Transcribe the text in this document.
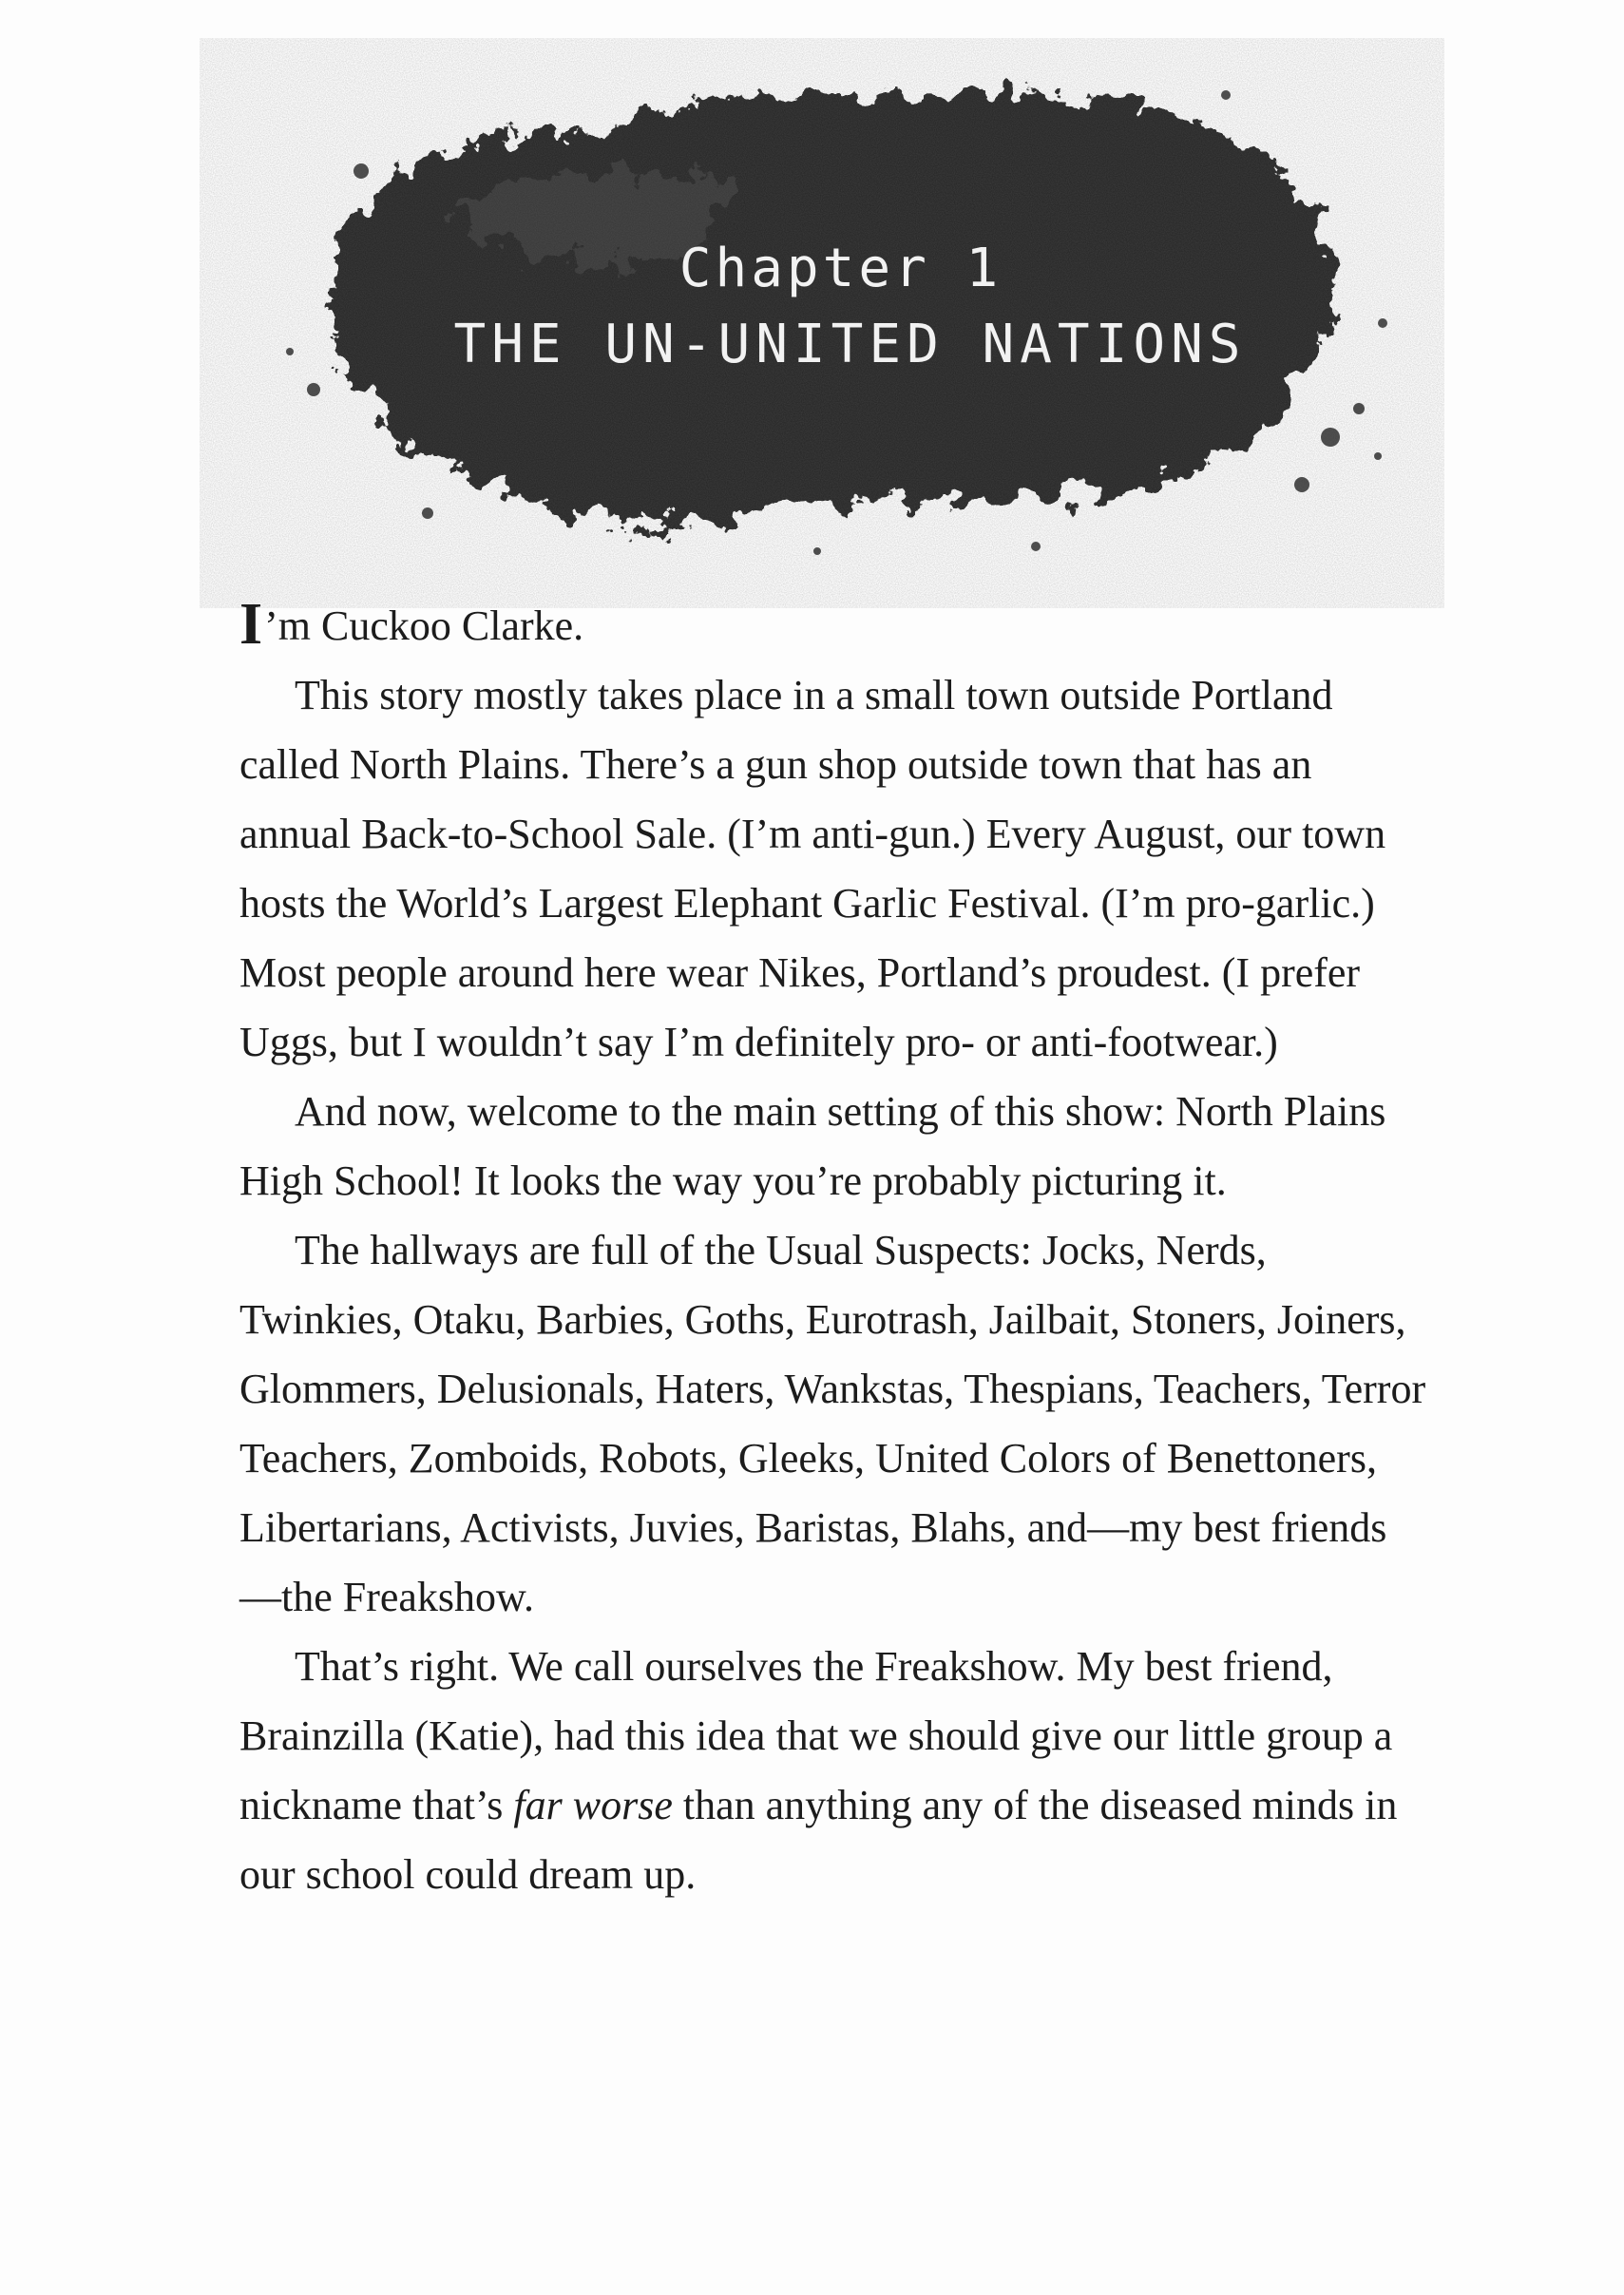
Chapter 1
THE UN-UNITED NATIONS

I’m Cuckoo Clarke.

This story mostly takes place in a small town outside Portland called North Plains. There’s a gun shop outside town that has an annual Back-to-School Sale. (I’m anti-gun.) Every August, our town hosts the World’s Largest Elephant Garlic Festival. (I’m pro-garlic.) Most people around here wear Nikes, Portland’s proudest. (I prefer Uggs, but I wouldn’t say I’m definitely pro- or anti-footwear.)

And now, welcome to the main setting of this show: North Plains High School! It looks the way you’re probably picturing it.

The hallways are full of the Usual Suspects: Jocks, Nerds, Twinkies, Otaku, Barbies, Goths, Eurotrash, Jailbait, Stoners, Joiners, Glommers, Delusionals, Haters, Wankstas, Thespians, Teachers, Terror Teachers, Zomboids, Robots, Gleeks, United Colors of Benettoners, Libertarians, Activists, Juvies, Baristas, Blahs, and—my best friends—the Freakshow.

That’s right. We call ourselves the Freakshow. My best friend, Brainzilla (Katie), had this idea that we should give our little group a nickname that’s far worse than anything any of the diseased minds in our school could dream up.
